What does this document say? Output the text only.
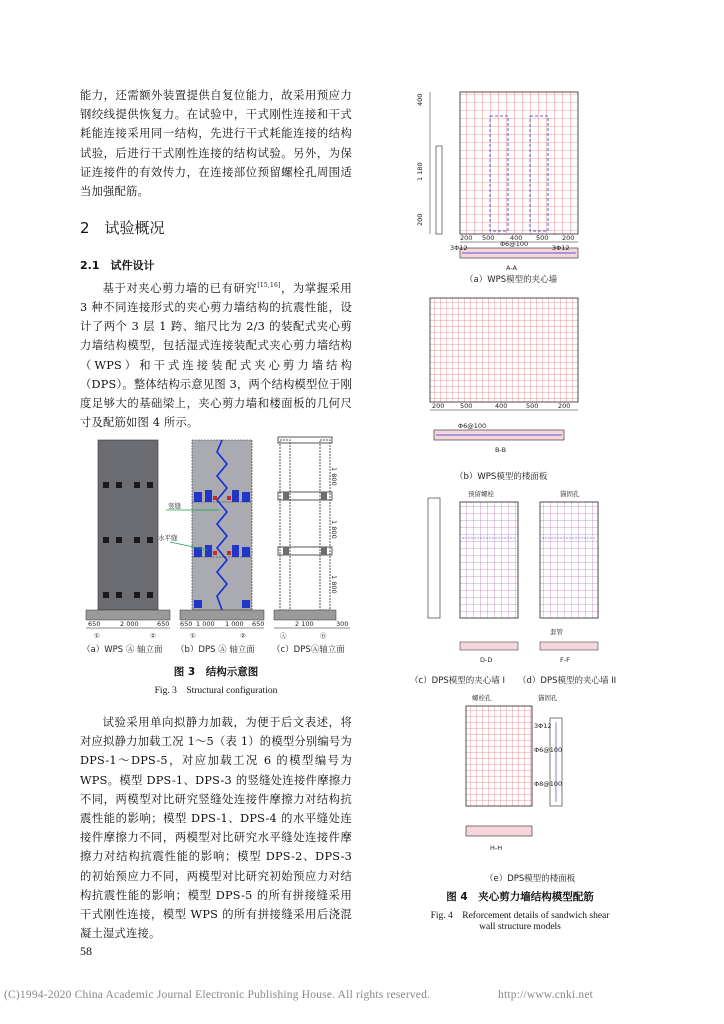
能力，还需额外装置提供自复位能力，故采用预应力钢绞线提供恢复力。在试验中，干式刚性连接和干式耗能连接采用同一结构，先进行干式耗能连接的结构试验，后进行干式刚性连接的结构试验。另外，为保证连接件的有效传力，在连接部位预留螺栓孔周围适当加强配筋。

2　试验概况
2.1　试件设计

基于对夹心剪力墙的已有研究[15,16]，为掌握采用 3 种不同连接形式的夹心剪力墙结构的抗震性能，设计了两个 3 层 1 跨、缩尺比为 2/3 的装配式夹心剪力墙结构模型，包括湿式连接装配式夹心剪力墙结构（WPS）和干式连接装配式夹心剪力墙结构（DPS）。整体结构示意见图 3，两个结构模型位于刚度足够大的基础梁上，夹心剪力墙和楼面板的几何尺寸及配筋如图 4 所示。

650	2 000	650
①	②
竖缝
水平缝
650 1 000 1 000 650
①	②
1 800
1 800
1 800
2 100	300
Ⓐ	Ⓑ
（a）WPS Ⓐ 轴立面 （b）DPS Ⓐ 轴立面 （c）DPSⒶ轴立面
图 3　结构示意图
Fig. 3　Structural configuration

试验采用单向拟静力加载，为便于后文表述，将对应拟静力加载工况 1～5（表 1）的模型分别编号为 DPS-1～DPS-5，对应加载工况 6 的模型编号为 WPS。模型 DPS-1、DPS-3 的竖缝处连接件摩擦力不同，两模型对比研究竖缝处连接件摩擦力对结构抗震性能的影响；模型 DPS-1、DPS-4 的水平缝处连接件摩擦力不同，两模型对比研究水平缝处连接件摩擦力对结构抗震性能的影响；模型 DPS-2、DPS-3 的初始预应力不同，两模型对比研究初始预应力对结构抗震性能的影响；模型 DPS-5 的所有拼接缝采用干式刚性连接，模型 WPS 的所有拼接缝采用后浇混凝土湿式连接。

58
400
1 180
200
200 500 400 500 200
3Φ12	Φ6@100	3Φ12
A-A
200 500	400	500	200
Φ6@100
B-B
预留螺栓	锚固孔
套管
D-D	F-F
螺栓孔	锚固孔
Φ6@100
3Φ12
Φ8@100
H-H
（a）WPS模型的夹心墙
（b）WPS模型的楼面板
（c）DPS模型的夹心墙 I （d）DPS模型的夹心墙 II
（e）DPS模型的楼面板
图 4　夹心剪力墙结构模型配筋
Fig. 4　Reforcement details of sandwich shear
wall structure models
(C)1994-2020 China Academic Journal Electronic Publishing House. All rights reserved.	http://www.cnki.net
